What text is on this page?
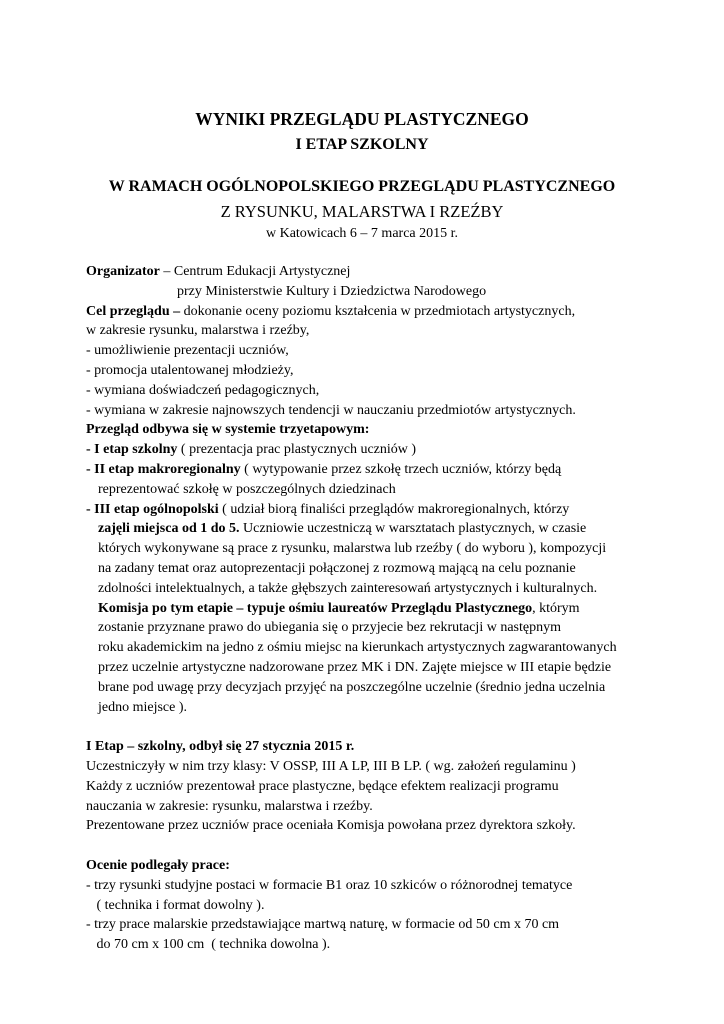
WYNIKI PRZEGLĄDU PLASTYCZNEGO
I ETAP SZKOLNY
W RAMACH OGÓLNOPOLSKIEGO PRZEGLĄDU PLASTYCZNEGO
Z RYSUNKU, MALARSTWA I RZEŹBY
w Katowicach 6 – 7 marca 2015 r.
Organizator – Centrum Edukacji Artystycznej
przy Ministerstwie Kultury i Dziedzictwa Narodowego
Cel przeglądu – dokonanie oceny poziomu kształcenia w przedmiotach artystycznych,
w zakresie rysunku, malarstwa i rzeźby,
- umożliwienie prezentacji uczniów,
- promocja utalentowanej młodzieży,
- wymiana doświadczeń pedagogicznych,
- wymiana w zakresie najnowszych tendencji w nauczaniu przedmiotów artystycznych.
Przegląd odbywa się w systemie trzyetapowym:
- I etap szkolny ( prezentacja prac plastycznych uczniów )
- II etap makroregionalny ( wytypowanie przez szkołę trzech uczniów, którzy będą
reprezentować szkołę w poszczególnych dziedzinach
- III etap ogólnopolski ( udział biorą finaliści przeglądów makroregionalnych, którzy
zajęli miejsca od 1 do 5. Uczniowie uczestniczą w warsztatach plastycznych, w czasie
których wykonywane są prace z rysunku, malarstwa lub rzeźby ( do wyboru ), kompozycji
na zadany temat oraz autoprezentacji połączonej z rozmową mającą na celu poznanie
zdolności intelektualnych, a także głębszych zainteresowań artystycznych i kulturalnych.
Komisja po tym etapie – typuje ośmiu laureatów Przeglądu Plastycznego, którym
zostanie przyznane prawo do ubiegania się o przyjecie bez rekrutacji w następnym
roku akademickim na jedno z ośmiu miejsc na kierunkach artystycznych zagwarantowanych
przez uczelnie artystyczne nadzorowane przez MK i DN. Zajęte miejsce w III etapie będzie
brane pod uwagę przy decyzjach przyjęć na poszczególne uczelnie (średnio jedna uczelnia
jedno miejsce ).
I Etap – szkolny, odbył się 27 stycznia 2015 r.
Uczestniczyły w nim trzy klasy: V OSSP, III A LP, III B LP. ( wg. założeń regulaminu )
Każdy z uczniów prezentował prace plastyczne, będące efektem realizacji programu
nauczania w zakresie: rysunku, malarstwa i rzeźby.
Prezentowane przez uczniów prace oceniała Komisja powołana przez dyrektora szkoły.
Ocenie podlegały prace:
- trzy rysunki studyjne postaci w formacie B1 oraz 10 szkiców o różnorodnej tematyce
( technika i format dowolny ).
- trzy prace malarskie przedstawiające martwą naturę, w formacie od 50 cm x 70 cm
do 70 cm x 100 cm  ( technika dowolna ).
